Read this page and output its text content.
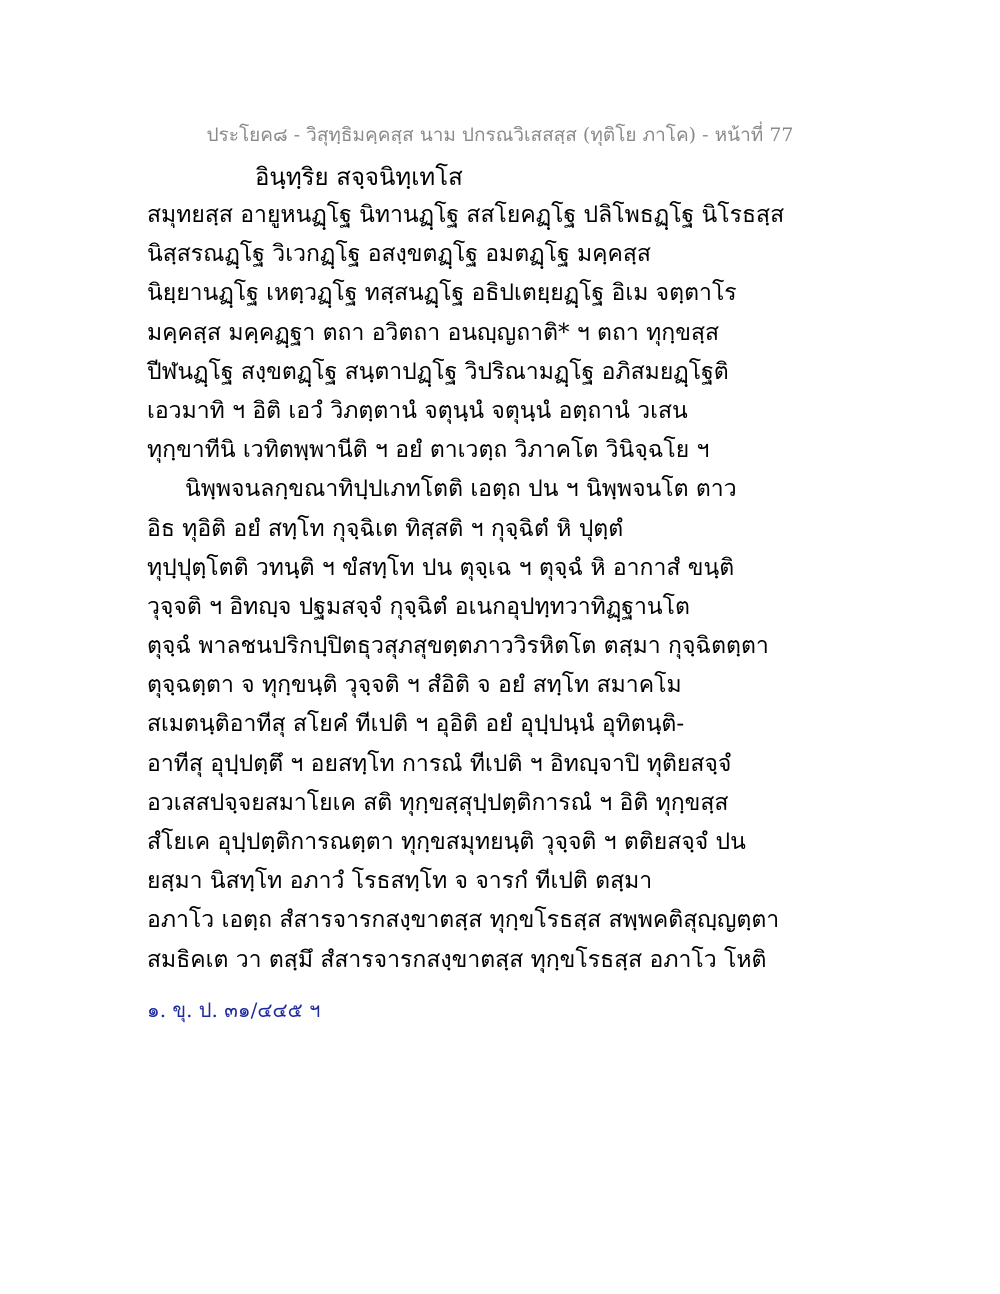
ประโยค๘ - วิสุทฺธิมคฺคสฺส นาม ปกรณวิเสสสฺส (ทุติโย ภาโค) - หน้าที่ 77
อินฺทฺริย สจฺจนิทฺเทโส
สมุทยสฺส อายูหนฏฺโฐ นิทานฏฺโฐ สสโยคฏฺโฐ ปลิโพธฏฺโฐ นิโรธสฺส
นิสฺสรณฏฺโฐ วิเวกฏฺโฐ อสงฺขตฏฺโฐ อมตฏฺโฐ มคฺคสฺส
นิยฺยานฏฺโฐ เหตฺวฏฺโฐ ทสฺสนฏฺโฐ อธิปเตยฺยฏฺโฐ อิเม จตฺตาโร
มคฺคสฺส มคฺคฏฺฐา ตถา อวิตถา อนญฺญถาติ* ฯ ตถา ทุกฺขสฺส
ปีฬนฏฺโฐ สงฺขตฏฺโฐ สนฺตาปฏฺโฐ วิปริณามฏฺโฐ อภิสมยฏฺโฐติ
เอวมาทิ ฯ อิติ เอวํ วิภตฺตานํ จตุนฺนํ จตุนฺนํ อตฺถานํ วเสน
ทุกฺขาทีนิ เวทิตพฺพานีติ ฯ อยํ ตาเวตฺถ วิภาคโต วินิจฺฉโย ฯ
นิพฺพจนลกฺขณาทิปฺปเภทโตติ เอตฺถ ปน ฯ นิพฺพจนโต ตาว
อิธ ทุอิติ อยํ สทฺโท กุจฺฉิเต ทิสฺสติ ฯ กุจฺฉิตํ หิ ปุตฺตํ
ทุปฺปุตฺโตติ วทนฺติ ฯ ขํสทฺโท ปน ตุจฺเฉ ฯ ตุจฺฉํ หิ อากาสํ ขนฺติ
วุจฺจติ ฯ อิทญฺจ ปฐมสจฺจํ กุจฺฉิตํ อเนกอุปทฺทวาทิฏฺฐานโต
ตุจฺฉํ พาลชนปริกปฺปิตธุวสุภสุขตฺตภาววิรหิตโต ตสฺมา กุจฺฉิตตฺตา
ตุจฺฉตฺตา จ ทุกฺขนฺติ วุจฺจติ ฯ สํอิติ จ อยํ สทฺโท สมาคโม
สเมตนฺติอาทีสุ สโยคํ ทีเปติ ฯ อุอิติ อยํ อุปฺปนฺนํ อุทิตนฺติ-
อาทีสุ อุปฺปตฺตึ ฯ อยสทฺโท การณํ ทีเปติ ฯ อิทญฺจาปิ ทุติยสจฺจํ
อวเสสปจฺจยสมาโยเค สติ ทุกฺขสฺสุปฺปตฺติการณํ ฯ อิติ ทุกฺขสฺส
สํโยเค อุปฺปตฺติการณตฺตา ทุกฺขสมุทยนฺติ วุจฺจติ ฯ ตติยสจฺจํ ปน
ยสฺมา นิสทฺโท อภาวํ โรธสทฺโท จ จารกํ ทีเปติ ตสฺมา
อภาโว เอตฺถ สํสารจารกสงฺขาตสฺส ทุกฺขโรธสฺส สพฺพคติสุญฺญตฺตา
สมธิคเต วา ตสฺมึ สํสารจารกสงฺขาตสฺส ทุกฺขโรธสฺส อภาโว โหติ
๑. ขุ. ป. ๓๑/๔๔๕ ฯ
